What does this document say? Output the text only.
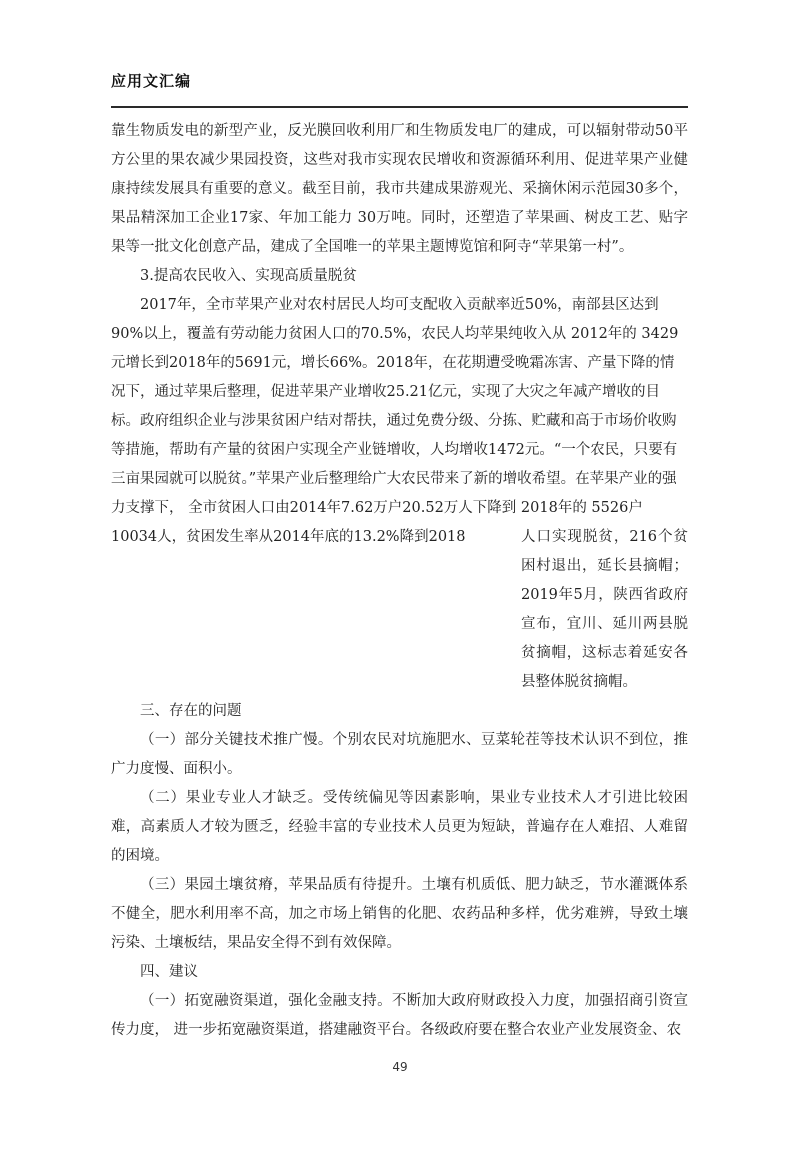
应用文汇编

靠生物质发电的新型产业，反光膜回收利用厂和生物质发电厂的建成，可以辐射带动50平方公里的果农减少果园投资，这些对我市实现农民增收和资源循环利用、促进苹果产业健康持续发展具有重要的意义。截至目前，我市共建成果游观光、采摘休闲示范园30多个，果品精深加工企业17家、年加工能力 30万吨。同时，还塑造了苹果画、树皮工艺、贴字果等一批文化创意产品，建成了全国唯一的苹果主题博览馆和阿寺“苹果第一村”。

3.提高农民收入、实现高质量脱贫

2017年，全市苹果产业对农村居民人均可支配收入贡献率近50%，南部县区达到90%以上，覆盖有劳动能力贫困人口的70.5%，农民人均苹果纯收入从 2012年的 3429元增长到2018年的5691元，增长66%。2018年，在花期遭受晚霜冻害、产量下降的情况下，通过苹果后整理，促进苹果产业增收25.21亿元，实现了大灾之年减产增收的目标。政府组织企业与涉果贫困户结对帮扶，通过免费分级、分拣、贮藏和高于市场价收购等措施，帮助有产量的贫困户实现全产业链增收，人均增收1472元。“一个农民，只要有三亩果园就可以脱贫。”苹果产业后整理给广大农民带来了新的增收希望。在苹果产业的强力支撑下， 全市贫困人口由2014年7.62万户20.52万人下降到 2018年的 5526户 10034人，贫困发生率从2014年底的13.2%降到2018	人口实现脱贫，216个贫困村退出，延长县摘帽；2019年5月，陕西省政府宣布，宜川、延川两县脱贫摘帽，这标志着延安各县整体脱贫摘帽。

三、存在的问题

（一）部分关键技术推广慢。个别农民对坑施肥水、豆菜轮茬等技术认识不到位，推广力度慢、面积小。

（二）果业专业人才缺乏。受传统偏见等因素影响，果业专业技术人才引进比较困难，高素质人才较为匮乏，经验丰富的专业技术人员更为短缺，普遍存在人难招、人难留的困境。

（三）果园土壤贫瘠，苹果品质有待提升。土壤有机质低、肥力缺乏，节水灌溉体系不健全，肥水利用率不高，加之市场上销售的化肥、农药品种多样，优劣难辨，导致土壤污染、土壤板结，果品安全得不到有效保障。

四、建议

（一）拓宽融资渠道，强化金融支持。不断加大政府财政投入力度，加强招商引资宣传力度， 进一步拓宽融资渠道，搭建融资平台。各级政府要在整合农业产业发展资金、农

49
